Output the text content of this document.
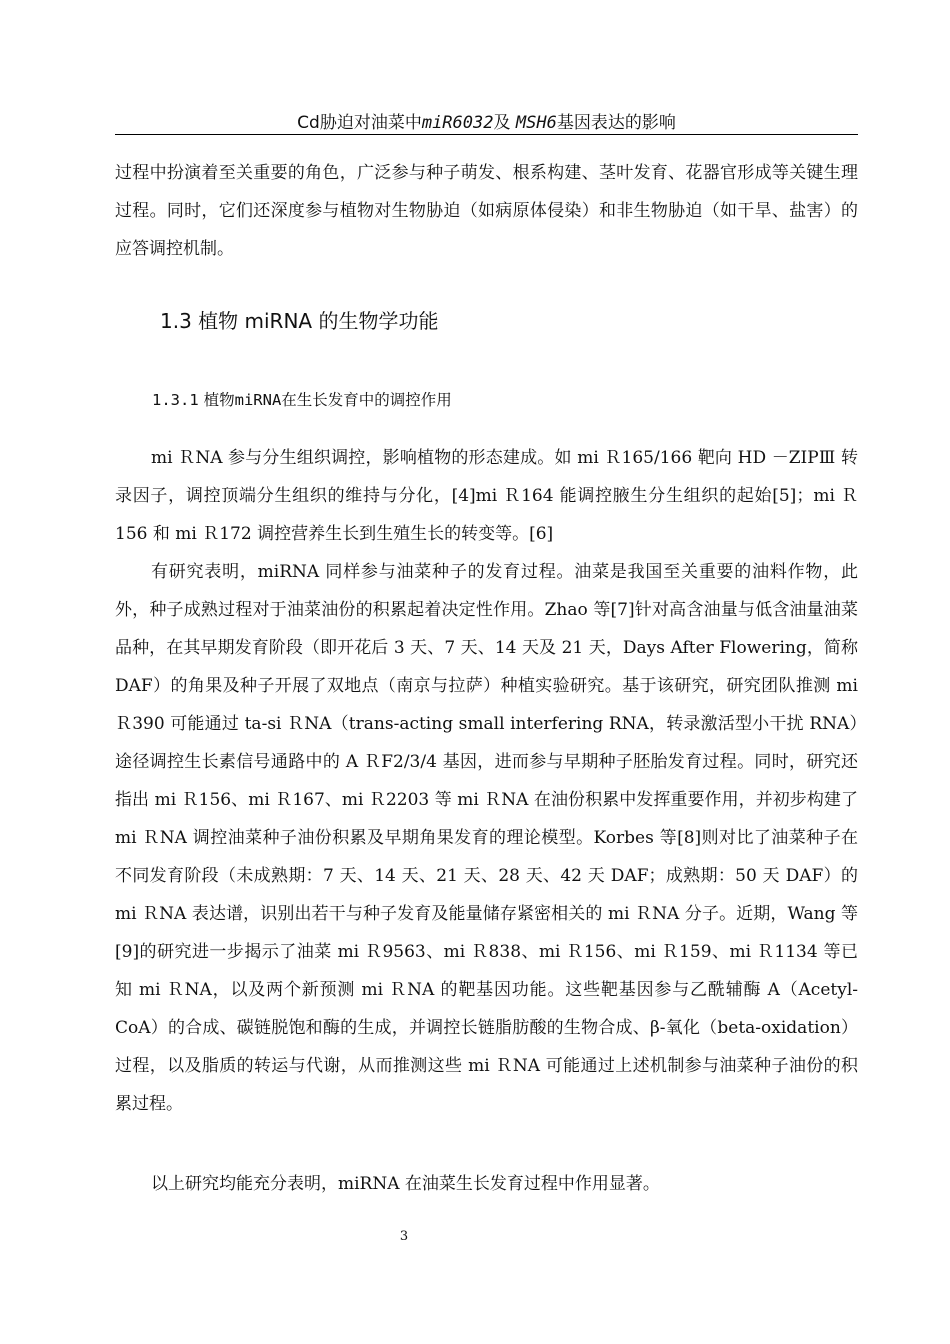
Cd胁迫对油菜中miR6032及 MSH6基因表达的影响

过程中扮演着至关重要的角色，广泛参与种子萌发、根系构建、茎叶发育、花器官形成等关键生理过程。同时，它们还深度参与植物对生物胁迫（如病原体侵染）和非生物胁迫（如干旱、盐害）的应答调控机制。

1.3 植物 miRNA 的生物学功能
1.3.1 植物miRNA在生长发育中的调控作用

mi ＲNA 参与分生组织调控，影响植物的形态建成。如 mi Ｒ165/166 靶向 HD －ZIPⅢ 转录因子，调控顶端分生组织的维持与分化，[4]mi Ｒ164 能调控腋生分生组织的起始[5]；mi Ｒ156 和 mi Ｒ172 调控营养生长到生殖生长的转变等。[6]

有研究表明，miRNA 同样参与油菜种子的发育过程。油菜是我国至关重要的油料作物，此外，种子成熟过程对于油菜油份的积累起着决定性作用。Zhao 等[7]针对高含油量与低含油量油菜品种，在其早期发育阶段（即开花后 3 天、7 天、14 天及 21 天，Days After Flowering，简称 DAF）的角果及种子开展了双地点（南京与拉萨）种植实验研究。基于该研究，研究团队推测 mi Ｒ390 可能通过 ta-si ＲNA（trans-acting small interfering RNA，转录激活型小干扰 RNA）途径调控生长素信号通路中的 A ＲF2/3/4 基因，进而参与早期种子胚胎发育过程。同时，研究还指出 mi Ｒ156、mi Ｒ167、mi Ｒ2203 等 mi ＲNA 在油份积累中发挥重要作用，并初步构建了 mi ＲNA 调控油菜种子油份积累及早期角果发育的理论模型。Korbes 等[8]则对比了油菜种子在不同发育阶段（未成熟期：7 天、14 天、21 天、28 天、42 天 DAF；成熟期：50 天 DAF）的 mi ＲNA 表达谱，识别出若干与种子发育及能量储存紧密相关的 mi ＲNA 分子。近期，Wang 等[9]的研究进一步揭示了油菜 mi Ｒ9563、mi Ｒ838、mi Ｒ156、mi Ｒ159、mi Ｒ1134 等已知 mi ＲNA，以及两个新预测 mi ＲNA 的靶基因功能。这些靶基因参与乙酰辅酶 A（Acetyl-CoA）的合成、碳链脱饱和酶的生成，并调控长链脂肪酸的生物合成、β-氧化（beta-oxidation）过程，以及脂质的转运与代谢，从而推测这些 mi ＲNA 可能通过上述机制参与油菜种子油份的积累过程。

以上研究均能充分表明，miRNA 在油菜生长发育过程中作用显著。

3
